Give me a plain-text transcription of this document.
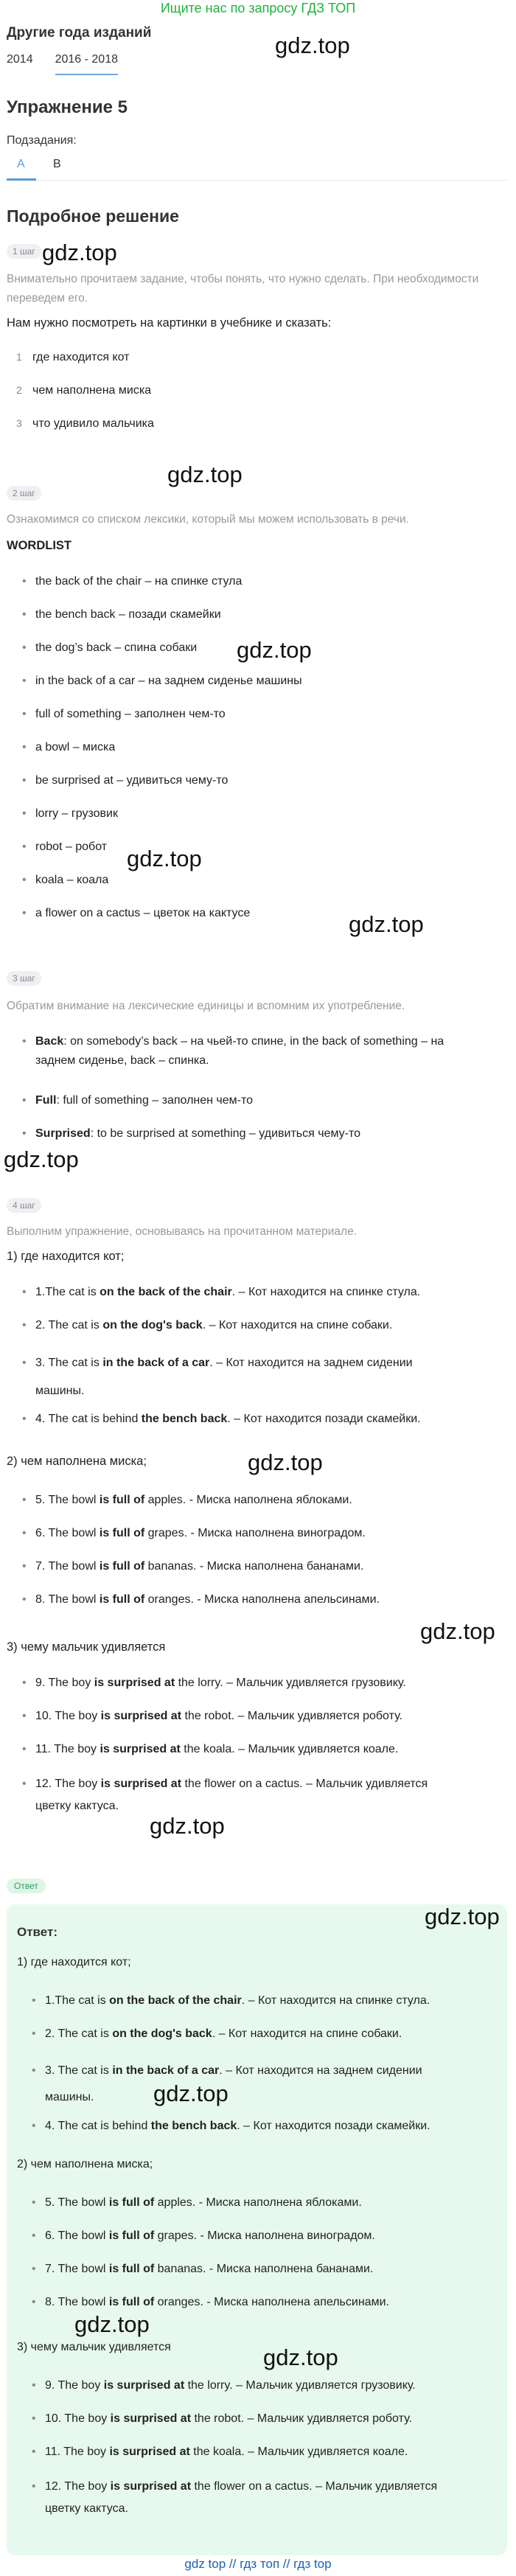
Ищите нас по запросу ГДЗ ТОП
Другие года изданий
2014 2016 - 2018
Упражнение 5
Подзадания:
A B
Подробное решение
1 шаг
Внимательно прочитаем задание, чтобы понять, что нужно сделать. При необходимости переведем его.
Нам нужно посмотреть на картинки в учебнике и сказать:
1 где находится кот
2 чем наполнена миска
3 что удивило мальчика
2 шаг
Ознакомимся со списком лексики, который мы можем использовать в речи.
WORDLIST
• the back of the chair – на спинке стула
• the bench back – позади скамейки
• the dog’s back – спина собаки
• in the back of a car – на заднем сиденье машины
• full of something – заполнен чем-то
• a bowl – миска
• be surprised at – удивиться чему-то
• lorry – грузовик
• robot – робот
• koala – коала
• a flower on a cactus – цветок на кактусе
3 шаг
Обратим внимание на лексические единицы и вспомним их употребление.
• Back: on somebody’s back – на чьей-то спине, in the back of something – на
заднем сиденье, back – спинка.
• Full: full of something – заполнен чем-то
• Surprised: to be surprised at something – удивиться чему-то
4 шаг
Выполним упражнение, основываясь на прочитанном материале.
1) где находится кот;
• 1.The cat is on the back of the chair. – Кот находится на спинке стула.
• 2. The cat is on the dog's back. – Кот находится на спине собаки.
• 3. The cat is in the back of a car. – Кот находится на заднем сидении
машины.
• 4. The cat is behind the bench back. – Кот находится позади скамейки.
2) чем наполнена миска;
• 5. The bowl is full of apples. - Миска наполнена яблоками.
• 6. The bowl is full of grapes. - Миска наполнена виноградом.
• 7. The bowl is full of bananas. - Миска наполнена бананами.
• 8. The bowl is full of oranges. - Миска наполнена апельсинами.
3) чему мальчик удивляется
• 9. The boy is surprised at the lorry. – Мальчик удивляется грузовику.
• 10. The boy is surprised at the robot. – Мальчик удивляется роботу.
• 11. The boy is surprised at the koala. – Мальчик удивляется коале.
• 12. The boy is surprised at the flower on a cactus. – Мальчик удивляется
цветку кактуса.
Ответ
Ответ:
1) где находится кот;
• 1.The cat is on the back of the chair. – Кот находится на спинке стула.
• 2. The cat is on the dog's back. – Кот находится на спине собаки.
• 3. The cat is in the back of a car. – Кот находится на заднем сидении
машины.
• 4. The cat is behind the bench back. – Кот находится позади скамейки.
2) чем наполнена миска;
• 5. The bowl is full of apples. - Миска наполнена яблоками.
• 6. The bowl is full of grapes. - Миска наполнена виноградом.
• 7. The bowl is full of bananas. - Миска наполнена бананами.
• 8. The bowl is full of oranges. - Миска наполнена апельсинами.
3) чему мальчик удивляется
• 9. The boy is surprised at the lorry. – Мальчик удивляется грузовику.
• 10. The boy is surprised at the robot. – Мальчик удивляется роботу.
• 11. The boy is surprised at the koala. – Мальчик удивляется коале.
• 12. The boy is surprised at the flower on a cactus. – Мальчик удивляется
цветку кактуса.
gdz.top
gdz.top
gdz.top
gdz.top
gdz.top
gdz.top
gdz.top
gdz.top
gdz.top
gdz.top
gdz.top
gdz.top
gdz.top
gdz.top
gdz top // гдз топ // гдз top
